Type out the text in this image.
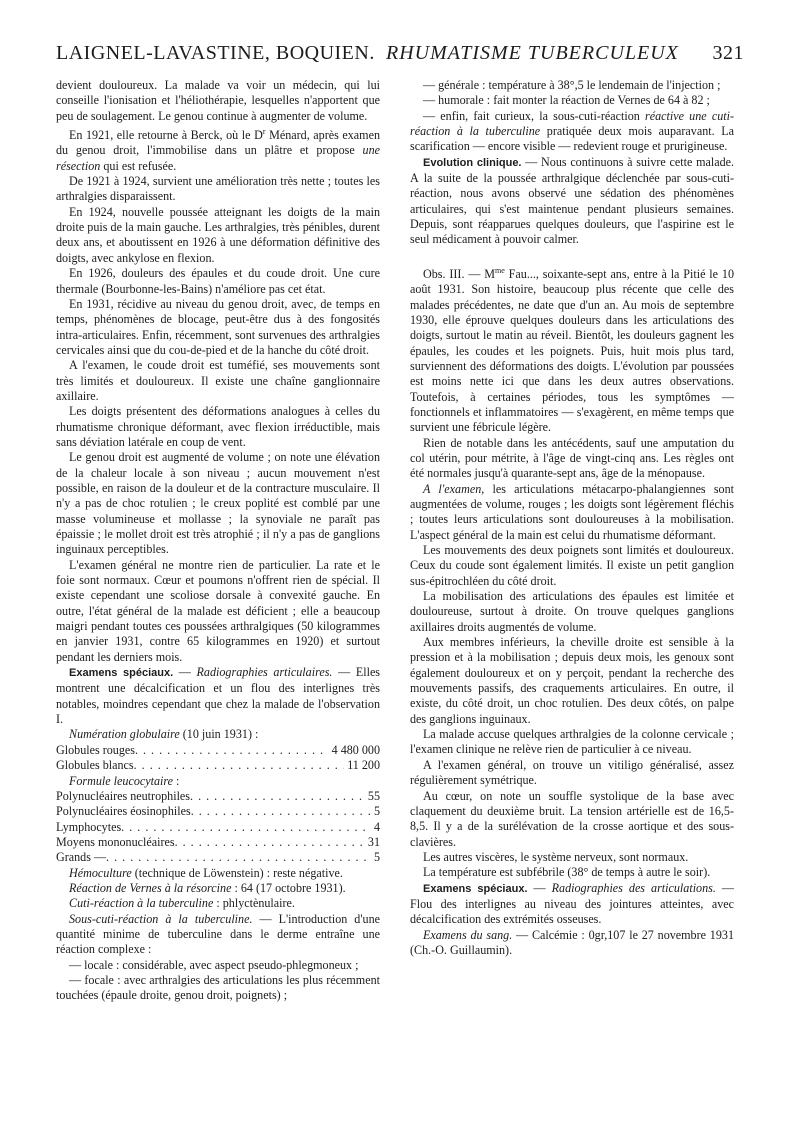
LAIGNEL-LAVASTINE, BOQUIEN. RHUMATISME TUBERCULEUX 321

devient douloureux. La malade va voir un médecin, qui lui conseille l'ionisation et l'héliothérapie, lesquelles n'apportent que peu de soulagement. Le genou continue à augmenter de volume.

En 1921, elle retourne à Berck, où le $D^r$ Ménard, après examen du genou droit, l'immobilise dans un plâtre et propose une résection qui est refusée.

De 1921 à 1924, survient une amélioration très nette ; toutes les arthralgies disparaissent.

En 1924, nouvelle poussée atteignant les doigts de la main droite puis de la main gauche. Les arthralgies, très pénibles, durent deux ans, et aboutissent en 1926 à une déformation définitive des doigts, avec ankylose en flexion.

En 1926, douleurs des épaules et du coude droit. Une cure thermale (Bourbonne-les-Bains) n'améliore pas cet état.

En 1931, récidive au niveau du genou droit, avec, de temps en temps, phénomènes de blocage, peut-être dus à des fongosités intra-articulaires. Enfin, récemment, sont survenues des arthralgies cervicales ainsi que du cou-de-pied et de la hanche du côté droit.

A l'examen, le coude droit est tuméfié, ses mouvements sont très limités et douloureux. Il existe une chaîne ganglionnaire axillaire.

Les doigts présentent des déformations analogues à celles du rhumatisme chronique déformant, avec flexion irréductible, mais sans déviation latérale en coup de vent.

Le genou droit est augmenté de volume ; on note une élévation de la chaleur locale à son niveau ; aucun mouvement n'est possible, en raison de la douleur et de la contracture musculaire. Il n'y a pas de choc rotulien ; le creux poplité est comblé par une masse volumineuse et mollasse ; la synoviale ne paraît pas épaissie ; le mollet droit est très atrophié ; il n'y a pas de ganglions inguinaux perceptibles.

L'examen général ne montre rien de particulier. La rate et le foie sont normaux. Cœur et poumons n'offrent rien de spécial. Il existe cependant une scoliose dorsale à convexité gauche. En outre, l'état général de la malade est déficient ; elle a beaucoup maigri pendant toutes ces poussées arthralgiques (50 kilogrammes en janvier 1931, contre 65 kilogrammes en 1920) et surtout pendant les derniers mois.

Examens spéciaux. — Radiographies articulaires. — Elles montrent une décalcification et un flou des interlignes très notables, moindres cependant que chez la malade de l'observation I.

Numération globulaire (10 juin 1931) :

Globules rouges . . .	4 480 000
Globules blancs . . .	11 200

Formule leucocytaire :

Polynucléaires neutrophiles . . .	55
Polynucléaires éosinophiles . . .	5
Lymphocytes . . .	4
Moyens mononucléaires . . .	31
Grands — . . .	5

Hémoculture (technique de Löwenstein) : reste négative.

Réaction de Vernes à la résorcine : 64 (17 octobre 1931).

Cuti-réaction à la tuberculine : phlyctènulaire.

Sous-cuti-réaction à la tuberculine. — L'introduction d'une quantité minime de tuberculine dans le derme entraîne une réaction complexe :

— locale : considérable, avec aspect pseudo-phlegmoneux ;

— focale : avec arthralgies des articulations les plus récemment touchées (épaule droite, genou droit, poignets) ;

— générale : température à 38°,5 le lendemain de l'injection ;

— humorale : fait monter la réaction de Vernes de 64 à 82 ;

— enfin, fait curieux, la sous-cuti-réaction réactive une cuti-réaction à la tuberculine pratiquée deux mois auparavant. La scarification — encore visible — redevient rouge et prurigineuse.

Evolution clinique. — Nous continuons à suivre cette malade. A la suite de la poussée arthralgique déclenchée par sous-cuti-réaction, nous avons observé une sédation des phénomènes articulaires, qui s'est maintenue pendant plusieurs semaines. Depuis, sont réapparues quelques douleurs, que l'aspirine est le seul médicament à pouvoir calmer.

Obs. III. — $M^{me}$ Fau..., soixante-sept ans, entre à la Pitié le 10 août 1931. Son histoire, beaucoup plus récente que celle des malades précédentes, ne date que d'un an. Au mois de septembre 1930, elle éprouve quelques douleurs dans les articulations des doigts, surtout le matin au réveil. Bientôt, les douleurs gagnent les épaules, les coudes et les poignets. Puis, huit mois plus tard, surviennent des déformations des doigts. L'évolution par poussées est moins nette ici que dans les deux autres observations. Toutefois, à certaines périodes, tous les symptômes — fonctionnels et inflammatoires — s'exagèrent, en même temps que survient une fébricule légère.

Rien de notable dans les antécédents, sauf une amputation du col utérin, pour métrite, à l'âge de vingt-cinq ans. Les règles ont été normales jusqu'à quarante-sept ans, âge de la ménopause.

A l'examen, les articulations métacarpo-phalangiennes sont augmentées de volume, rouges ; les doigts sont légèrement fléchis ; toutes leurs articulations sont douloureuses à la mobilisation. L'aspect général de la main est celui du rhumatisme déformant.

Les mouvements des deux poignets sont limités et douloureux. Ceux du coude sont également limités. Il existe un petit ganglion sus-épitrochléen du côté droit.

La mobilisation des articulations des épaules est limitée et douloureuse, surtout à droite. On trouve quelques ganglions axillaires droits augmentés de volume.

Aux membres inférieurs, la cheville droite est sensible à la pression et à la mobilisation ; depuis deux mois, les genoux sont également douloureux et on y perçoit, pendant la recherche des mouvements passifs, des craquements articulaires. En outre, il existe, du côté droit, un choc rotulien. Des deux côtés, on palpe des ganglions inguinaux.

La malade accuse quelques arthralgies de la colonne cervicale ; l'examen clinique ne relève rien de particulier à ce niveau.

A l'examen général, on trouve un vitiligo généralisé, assez régulièrement symétrique.

Au cœur, on note un souffle systolique de la base avec claquement du deuxième bruit. La tension artérielle est de 16,5-8,5. Il y a de la surélévation de la crosse aortique et des sous-clavières.

Les autres viscères, le système nerveux, sont normaux.

La température est subfébrile (38° de temps à autre le soir).

Examens spéciaux. — Radiographies des articulations. — Flou des interlignes au niveau des jointures atteintes, avec décalcification des extrémités osseuses.

Examens du sang. — Calcémie : 0gr,107 le 27 novembre 1931 (Ch.-O. Guillaumin).
